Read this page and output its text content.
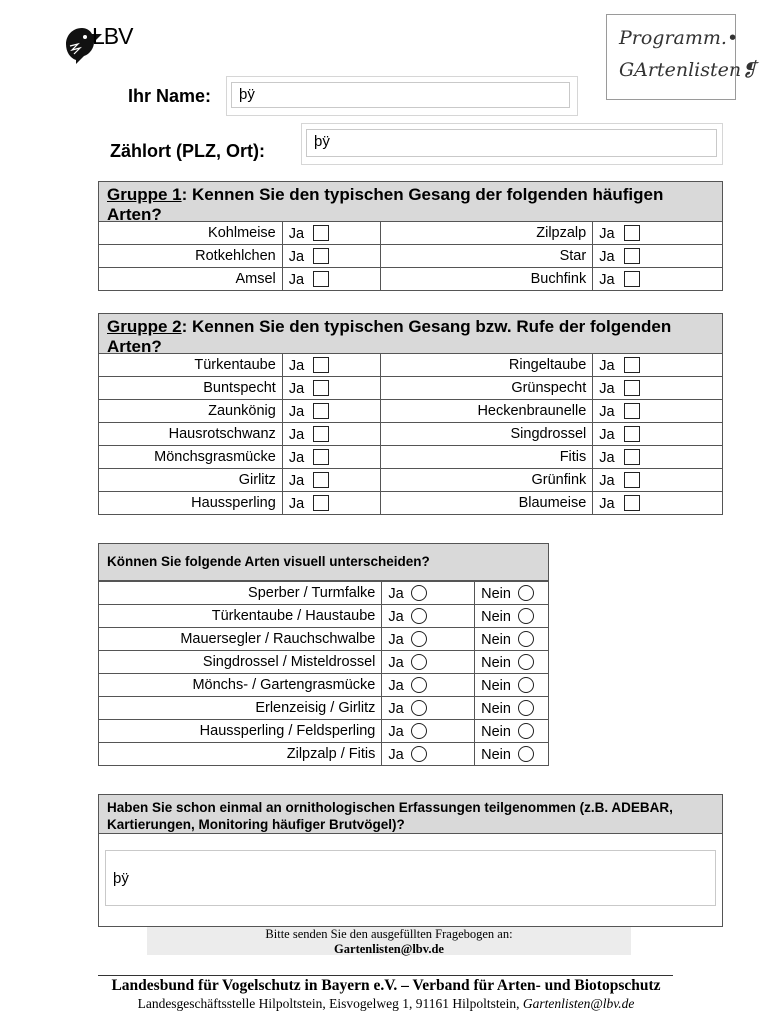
LBV	Programm.•
GArtenlisten❡
Ihr Name:	þÿ
Zählort (PLZ, Ort):	þÿ
Gruppe 1: Kennen Sie den typischen Gesang der folgenden häufigen Arten?
Kohlmeise	Ja	Zilpzalp	Ja
Rotkehlchen	Ja	Star	Ja
Amsel	Ja	Buchfink	Ja
Gruppe 2: Kennen Sie den typischen Gesang bzw. Rufe der folgenden Arten?
Türkentaube	Ja	Ringeltaube	Ja
Buntspecht	Ja	Grünspecht	Ja
Zaunkönig	Ja	Heckenbraunelle	Ja
Hausrotschwanz	Ja	Singdrossel	Ja
Mönchsgrasmücke	Ja	Fitis	Ja
Girlitz	Ja	Grünfink	Ja
Haussperling	Ja	Blaumeise	Ja
Können Sie folgende Arten visuell unterscheiden?
Sperber / Turmfalke	Ja	Nein
Türkentaube / Haustaube	Ja	Nein
Mauersegler / Rauchschwalbe	Ja	Nein
Singdrossel / Misteldrossel	Ja	Nein
Mönchs- / Gartengrasmücke	Ja	Nein
Erlenzeisig / Girlitz	Ja	Nein
Haussperling / Feldsperling	Ja	Nein
Zilpzalp / Fitis	Ja	Nein
Haben Sie schon einmal an ornithologischen Erfassungen teilgenommen (z.B. ADEBAR, Kartierungen, Monitoring häufiger Brutvögel)?
þÿ
Bitte senden Sie den ausgefüllten Fragebogen an:
Gartenlisten@lbv.de
Landesbund für Vogelschutz in Bayern e.V. – Verband für Arten- und Biotopschutz
Landesgeschäftsstelle Hilpoltstein, Eisvogelweg 1, 91161 Hilpoltstein, Gartenlisten@lbv.de
